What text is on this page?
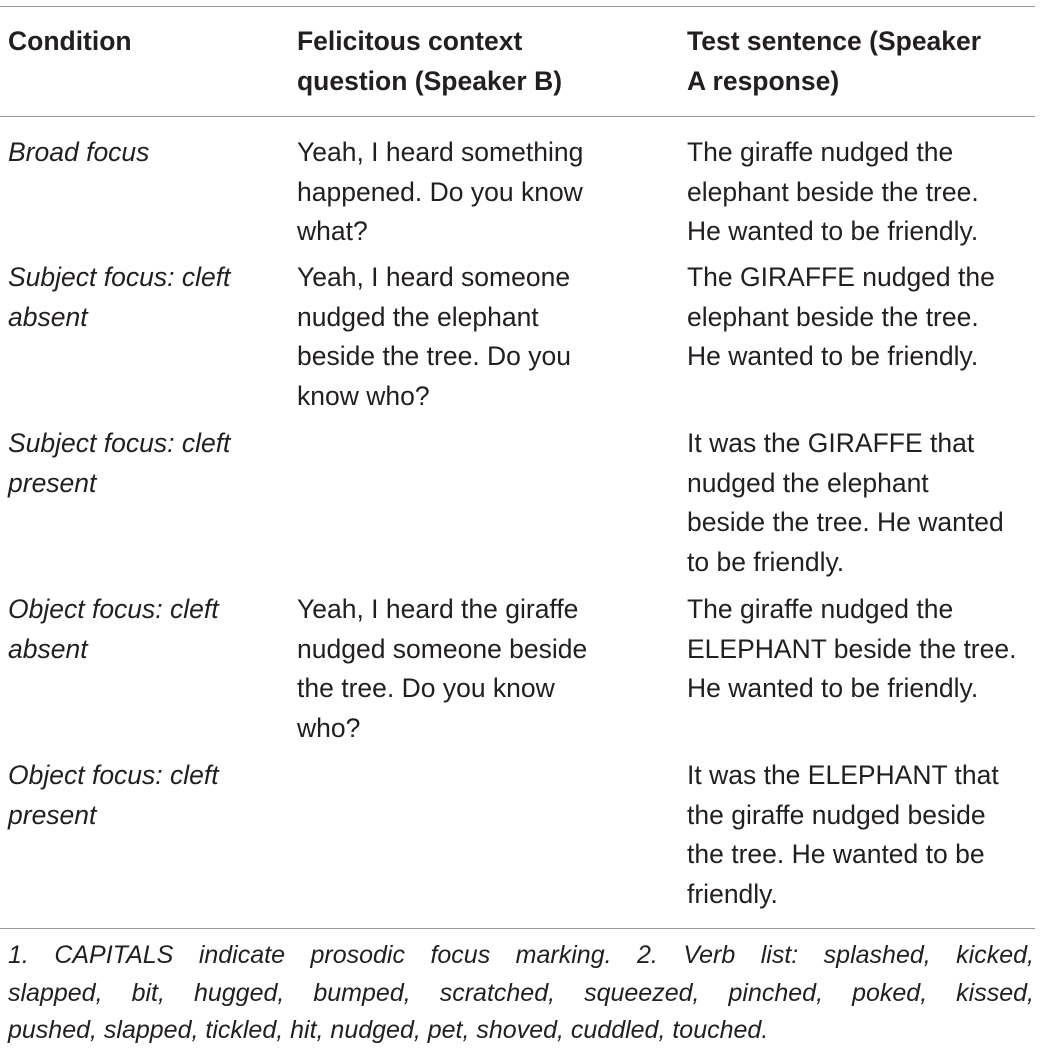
Condition	Felicitous context
question (Speaker B)
Test sentence (Speaker
A response)
Broad focus	Yeah, I heard something
happened. Do you know
what?
The giraffe nudged the
elephant beside the tree.
He wanted to be friendly.
Subject focus: cleft
absent
Yeah, I heard someone
nudged the elephant
beside the tree. Do you
know who?
The GIRAFFE nudged the
elephant beside the tree.
He wanted to be friendly.
Subject focus: cleft
present
It was the GIRAFFE that
nudged the elephant
beside the tree. He wanted
to be friendly.
Object focus: cleft
absent
Yeah, I heard the giraffe
nudged someone beside
the tree. Do you know
who?
The giraffe nudged the
ELEPHANT beside the tree.
He wanted to be friendly.
Object focus: cleft
present
It was the ELEPHANT that
the giraffe nudged beside
the tree. He wanted to be
friendly.
1. CAPITALS indicate prosodic focus marking. 2. Verb list: splashed, kicked,
slapped, bit, hugged, bumped, scratched, squeezed, pinched, poked, kissed,
pushed, slapped, tickled, hit, nudged, pet, shoved, cuddled, touched.
